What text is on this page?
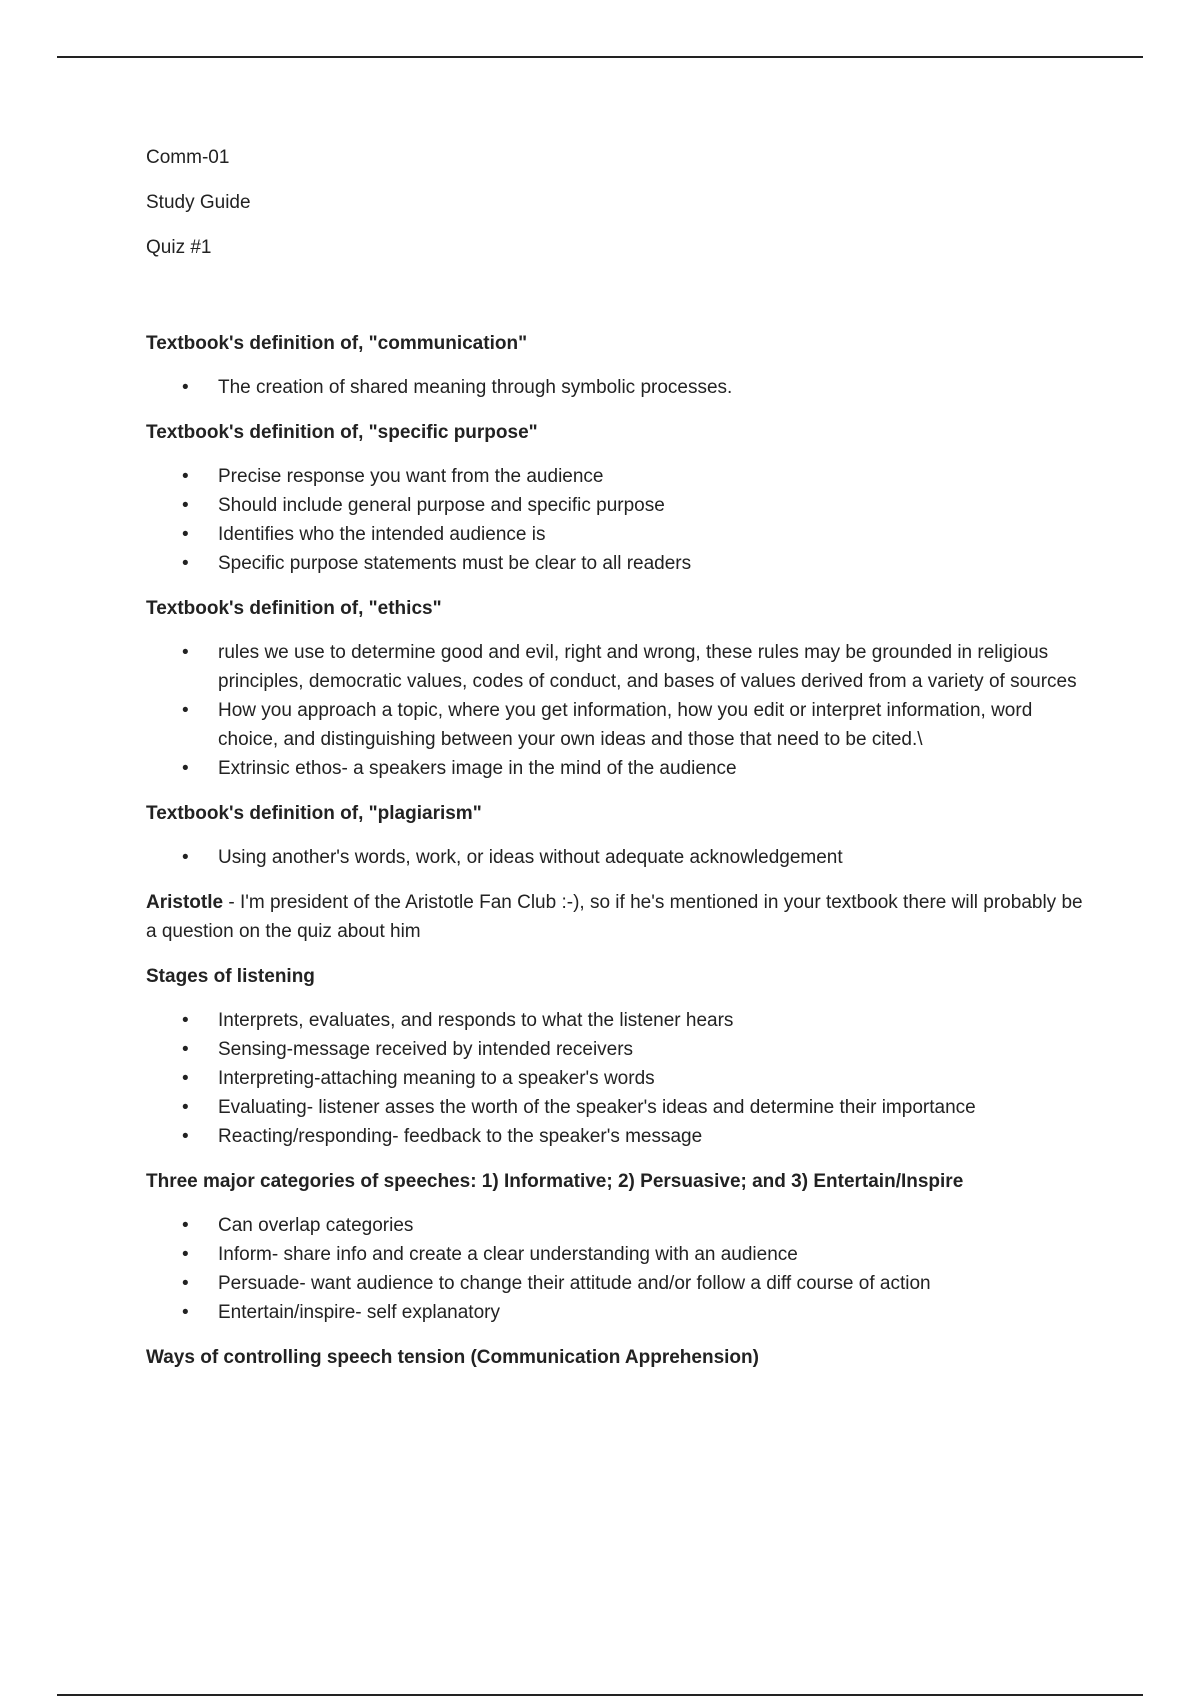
Comm-01
Study Guide
Quiz #1
Textbook's definition of, "communication"
• The creation of shared meaning through symbolic processes.
Textbook's definition of, "specific purpose"
• Precise response you want from the audience
• Should include general purpose and specific purpose
• Identifies who the intended audience is
• Specific purpose statements must be clear to all readers
Textbook's definition of, "ethics"
• rules we use to determine good and evil, right and wrong, these rules may be grounded in religious principles, democratic values, codes of conduct, and bases of values derived from a variety of sources
• How you approach a topic, where you get information, how you edit or interpret information, word choice, and distinguishing between your own ideas and those that need to be cited.\
• Extrinsic ethos- a speakers image in the mind of the audience
Textbook's definition of, "plagiarism"
• Using another's words, work, or ideas without adequate acknowledgement
Aristotle - I'm president of the Aristotle Fan Club :-), so if he's mentioned in your textbook there will probably be a question on the quiz about him
Stages of listening
• Interprets, evaluates, and responds to what the listener hears
• Sensing-message received by intended receivers
• Interpreting-attaching meaning to a speaker's words
• Evaluating- listener asses the worth of the speaker's ideas and determine their importance
• Reacting/responding- feedback to the speaker's message
Three major categories of speeches: 1) Informative; 2) Persuasive; and 3) Entertain/Inspire
• Can overlap categories
• Inform- share info and create a clear understanding with an audience
• Persuade- want audience to change their attitude and/or follow a diff course of action
• Entertain/inspire- self explanatory
Ways of controlling speech tension (Communication Apprehension)
